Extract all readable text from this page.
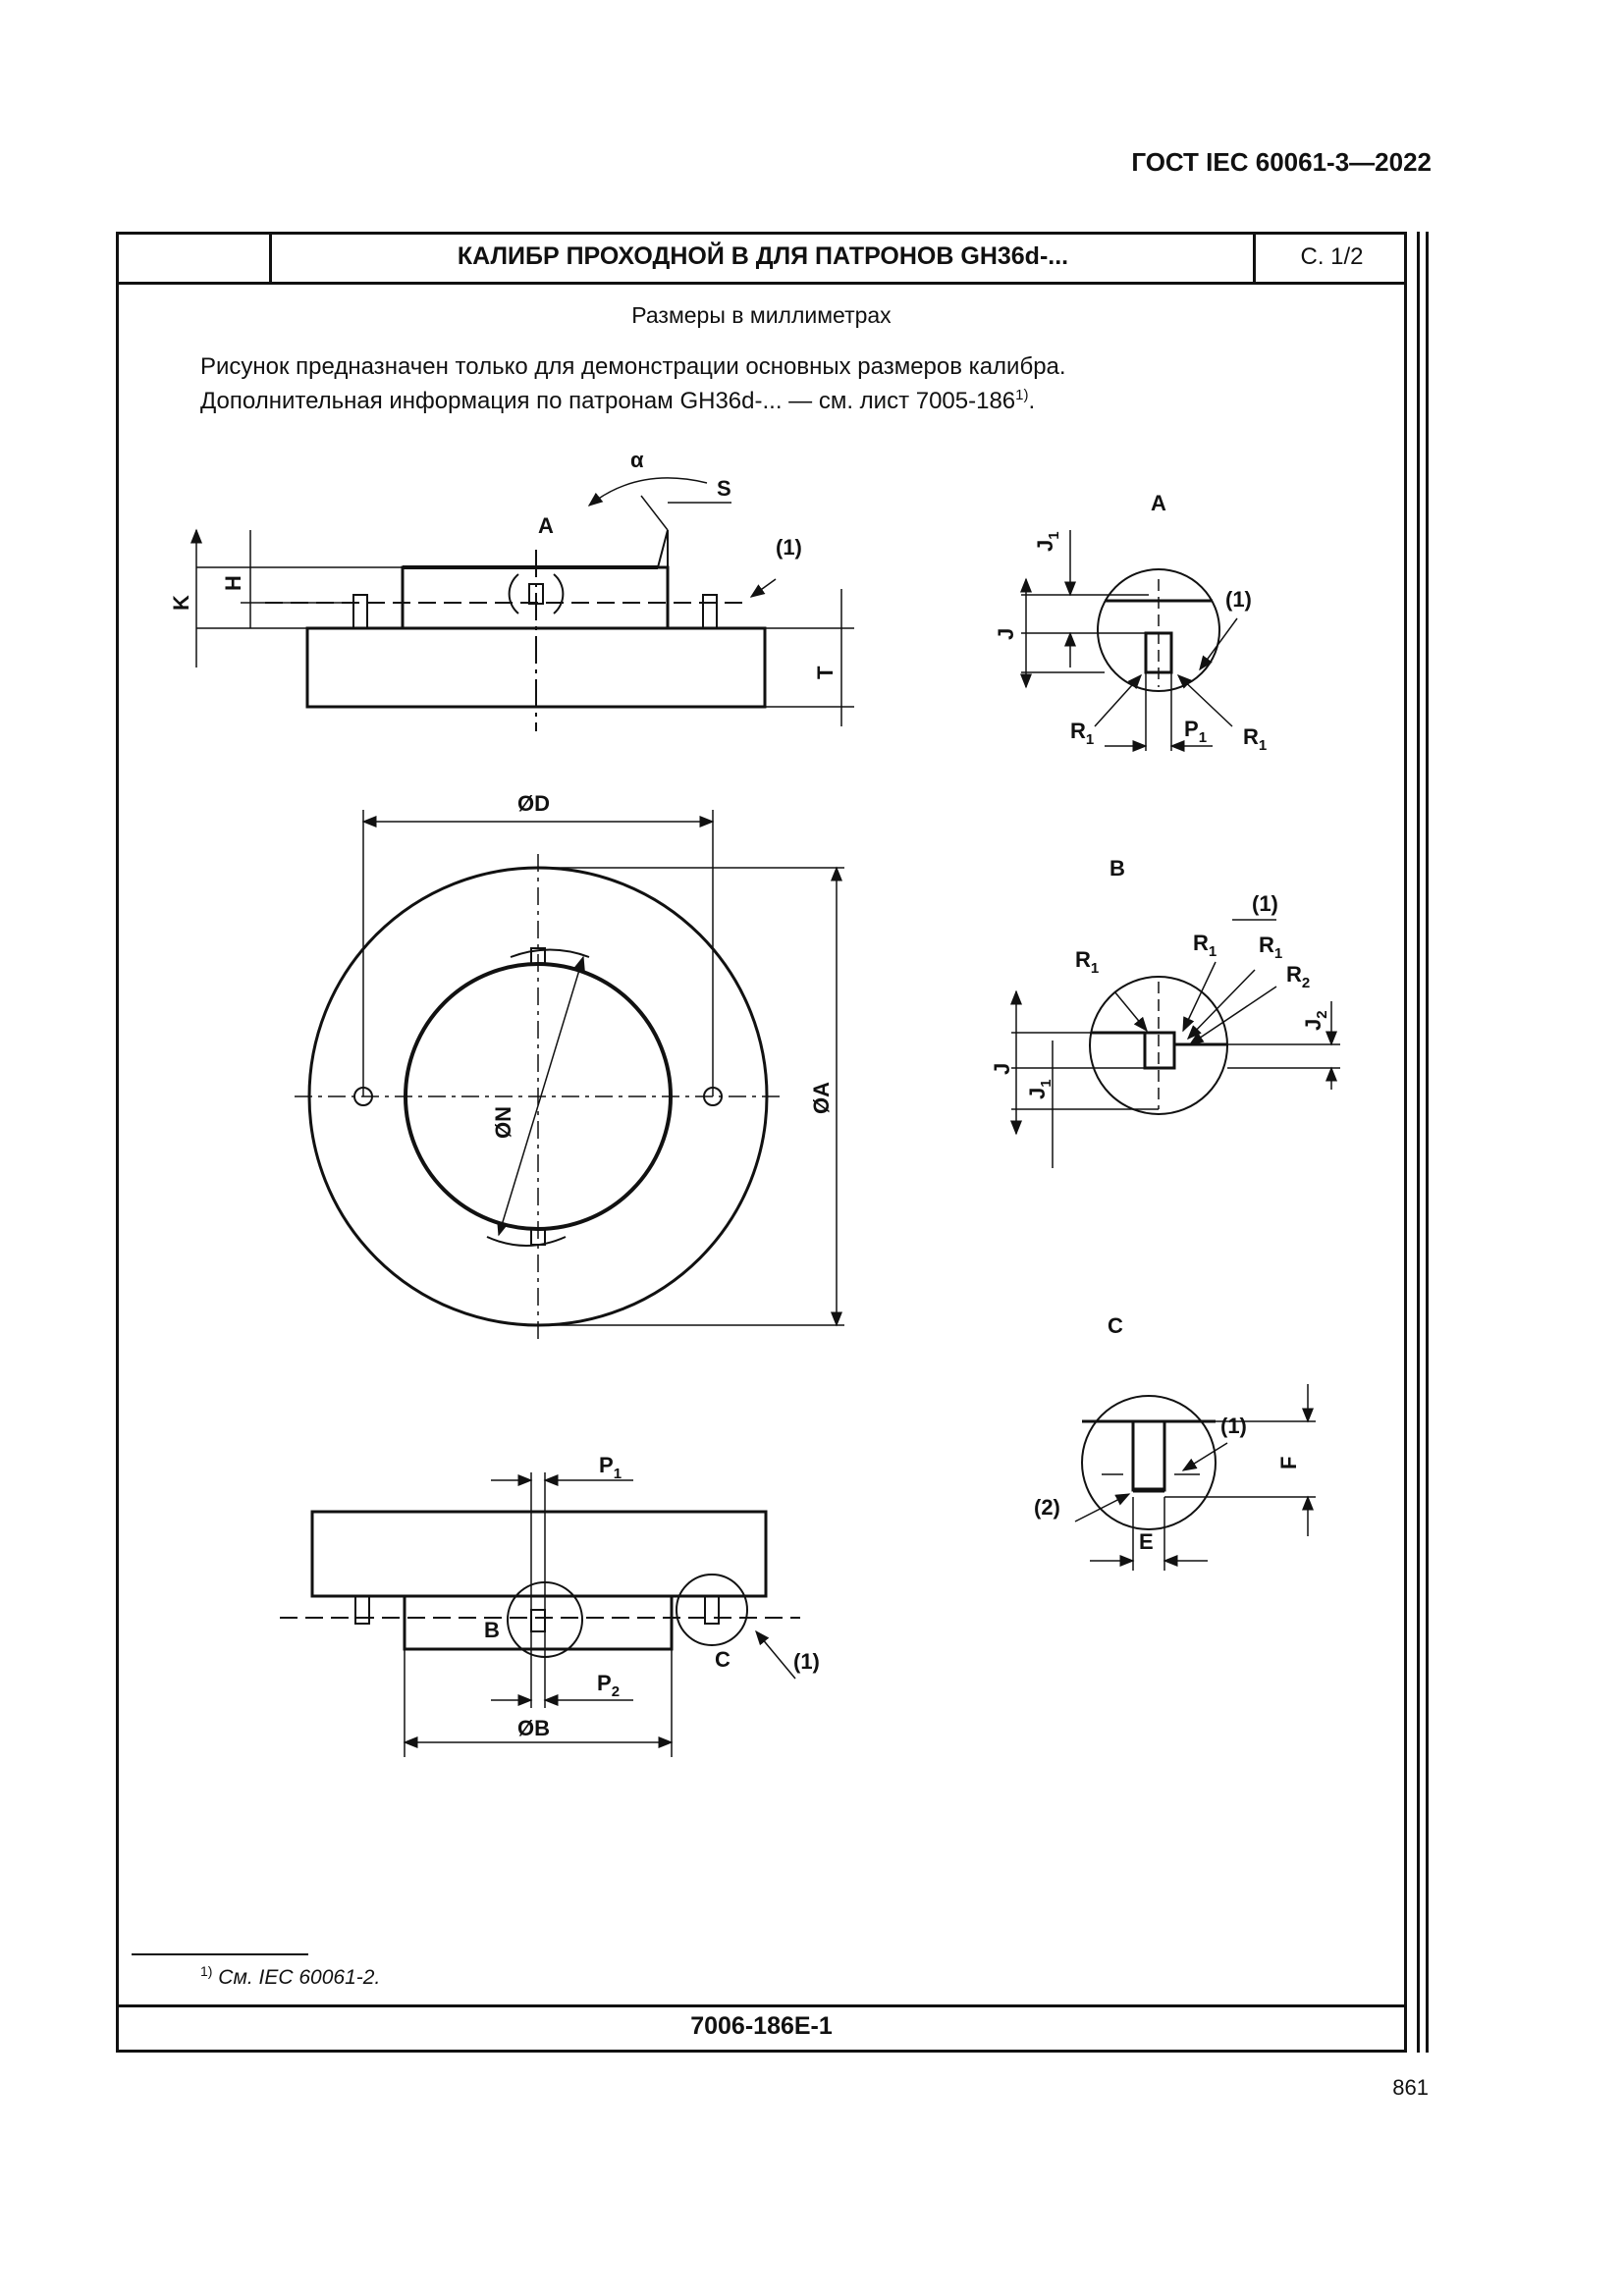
ГОСТ IEC 60061-3—2022
КАЛИБР ПРОХОДНОЙ B ДЛЯ ПАТРОНОВ GH36d-...	С. 1/2
Размеры в миллиметрах
Рисунок предназначен только для демонстрации основных размеров калибра.
Дополнительная информация по патронам GH36d-... — см. лист 7005-186$^{1)}$.
A
α
S
(1)
K
H
T
ØD
ØN
ØA
$P_1$
B
C	(1)
$P_2$
ØB
A
$J_1$
J
(1)
$R_1$	$P_1$ $R_1$
B
(1)
$R_1$
$R_1$ $R_1$
$R_2$
$J_2$
J
$J_1$
C
(1)
F
(2)
E
$^{1)}$ См. IEC 60061-2.
7006-186E-1
861
